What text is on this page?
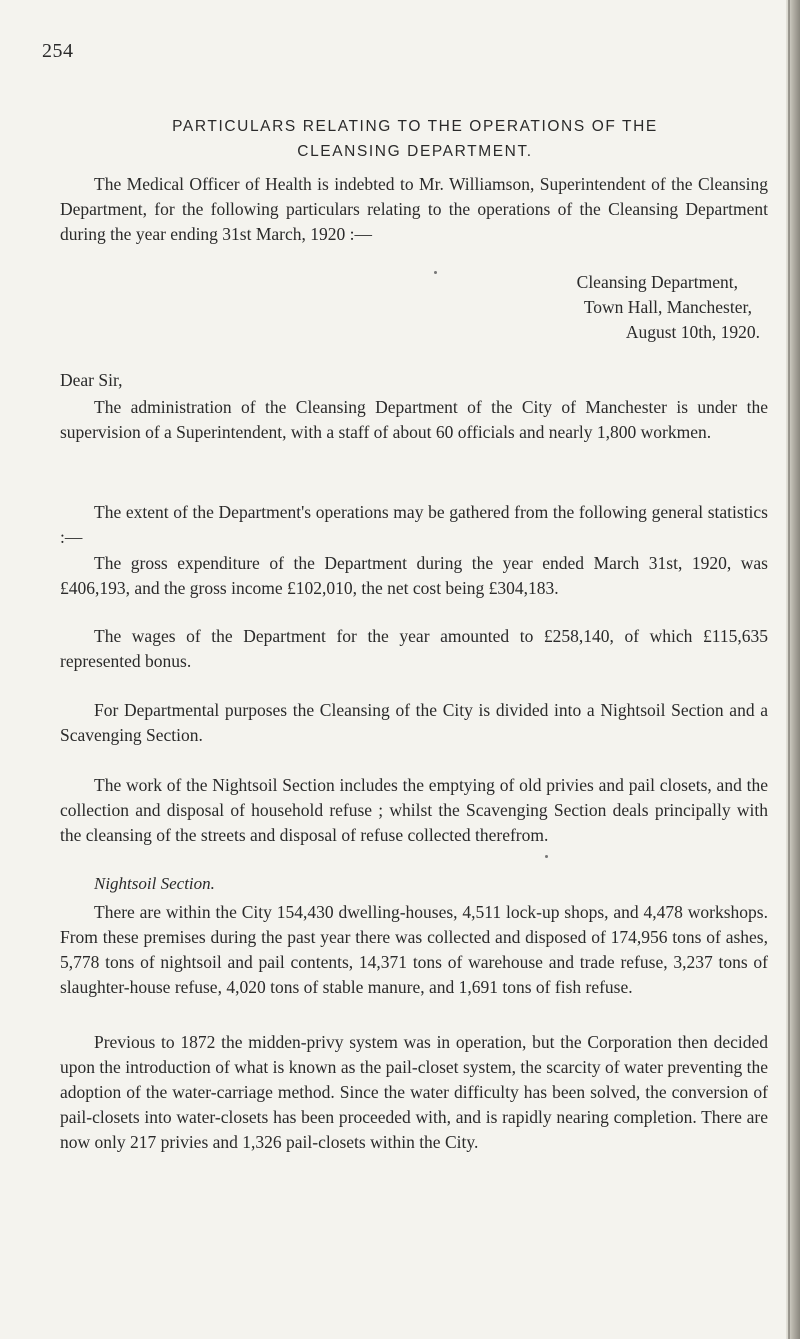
254
PARTICULARS RELATING TO THE OPERATIONS OF THE
CLEANSING DEPARTMENT.

The Medical Officer of Health is indebted to Mr. Williamson, Superintendent of the Cleansing Department, for the following particulars relating to the operations of the Cleansing Department during the year ending 31st March, 1920 :—

Cleansing Department,
Town Hall, Manchester,
August 10th, 1920.
Dear Sir,

The administration of the Cleansing Department of the City of Manchester is under the supervision of a Superintendent, with a staff of about 60 officials and nearly 1,800 workmen.

The extent of the Department's operations may be gathered from the following general statistics :—

The gross expenditure of the Department during the year ended March 31st, 1920, was £406,193, and the gross income £102,010, the net cost being £304,183.

The wages of the Department for the year amounted to £258,140, of which £115,635 represented bonus.

For Departmental purposes the Cleansing of the City is divided into a Nightsoil Section and a Scavenging Section.

The work of the Nightsoil Section includes the emptying of old privies and pail closets, and the collection and disposal of household refuse ; whilst the Scavenging Section deals principally with the cleansing of the streets and disposal of refuse collected therefrom.

Nightsoil Section.

There are within the City 154,430 dwelling-houses, 4,511 lock-up shops, and 4,478 workshops. From these premises during the past year there was collected and disposed of 174,956 tons of ashes, 5,778 tons of nightsoil and pail contents, 14,371 tons of warehouse and trade refuse, 3,237 tons of slaughter-house refuse, 4,020 tons of stable manure, and 1,691 tons of fish refuse.

Previous to 1872 the midden-privy system was in operation, but the Corporation then decided upon the introduction of what is known as the pail-closet system, the scarcity of water preventing the adoption of the water-carriage method. Since the water difficulty has been solved, the conversion of pail-closets into water-closets has been proceeded with, and is rapidly nearing completion. There are now only 217 privies and 1,326 pail-closets within the City.
